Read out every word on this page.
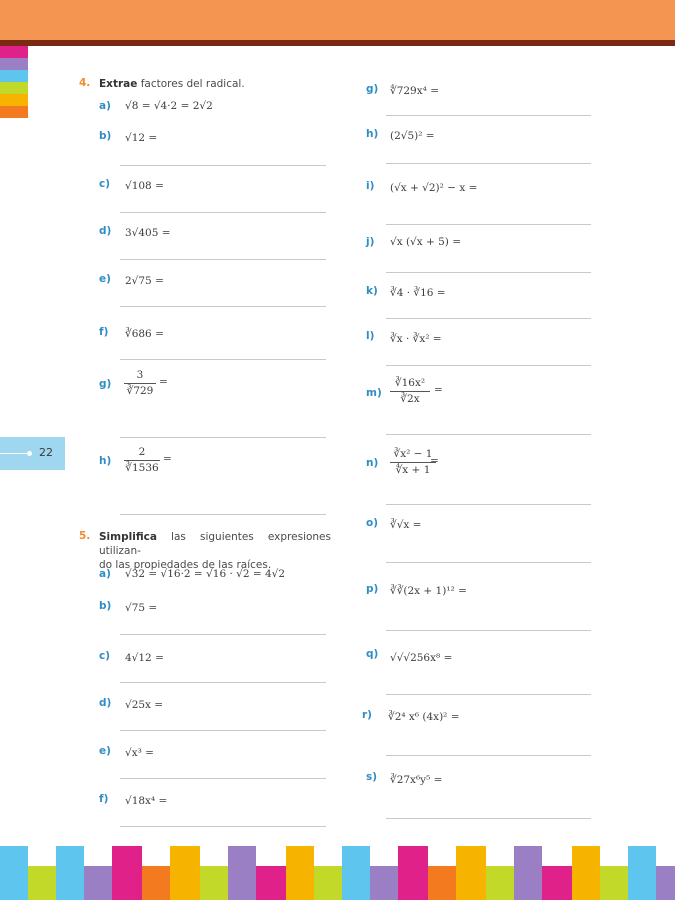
22
4. Extrae factores del radical.
a) √8 = √4·2 = 2√2
b) √12 =
c) √108 =
d) 3√405 =
e) 2√75 =
f) ∛686 =
g)
3
∛729
=
h)
2
∛1536
=
5. Simplifica las siguientes expresiones utilizan-
do las propiedades de las raíces.
a) √32 = √16·2 = √16 · √2 = 4√2
b) √75 =
c) 4√12 =
d) √25x =
e) √x³ =
f) √18x⁴ =
g) ∜729x⁴ =
h) (2√5)² =
i) (√x + √2)² − x =
j) √x (√x + 5) =
k) ∛4 · ∛16 =
l) ∛x · ∛x² =
m)
∛16x²
∛2x
=
n)
∛x² − 1
∜x + 1
=
o) ∛√x =
p) ∛∛(2x + 1)¹² =
q) √√√256x⁸ =
r) ∛2⁴ x⁶ (4x)² =
s) ∛27x⁶y⁵ =
